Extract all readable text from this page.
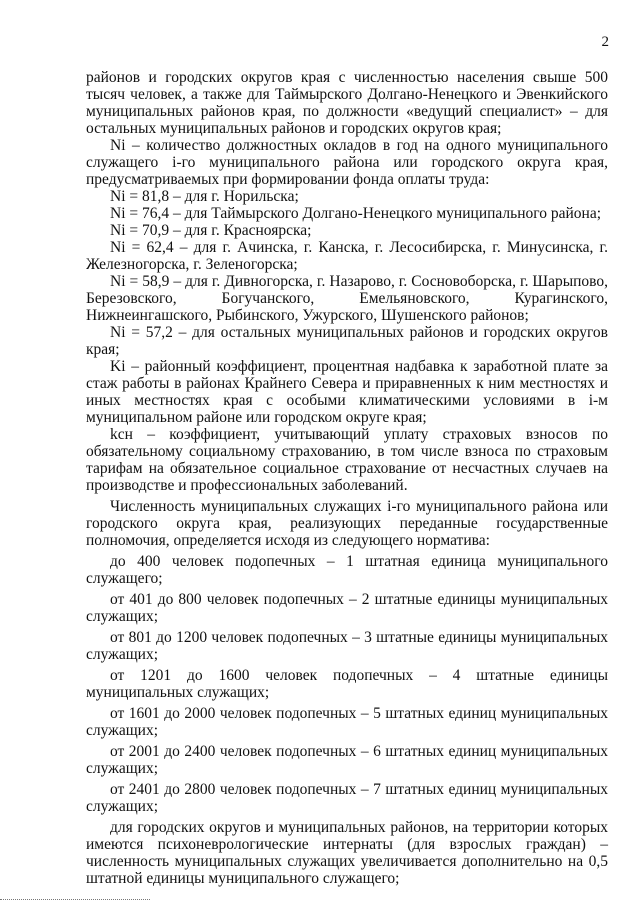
2

районов и городских округов края с численностью населения свыше 500 тысяч человек, а также для Таймырского Долгано-Ненецкого и Эвенкийского муниципальных районов края, по должности «ведущий специалист» – для остальных муниципальных районов и городских округов края;

Ni – количество должностных окладов в год на одного муниципального служащего i-го муниципального района или городского округа края, предусматриваемых при формировании фонда оплаты труда:

Ni = 81,8 – для г. Норильска;

Ni = 76,4 – для Таймырского Долгано-Ненецкого муниципального района;

Ni = 70,9 – для г. Красноярска;

Ni = 62,4 – для г. Ачинска, г. Канска, г. Лесосибирска, г. Минусинска, г. Железногорска, г. Зеленогорска;

Ni = 58,9 – для г. Дивногорска, г. Назарово, г. Сосновоборска, г. Шарыпово, Березовского, Богучанского, Емельяновского, Курагинского, Нижнеингашского, Рыбинского, Ужурского, Шушенского районов;

Ni = 57,2 – для остальных муниципальных районов и городских округов края;

Ki – районный коэффициент, процентная надбавка к заработной плате за стаж работы в районах Крайнего Севера и приравненных к ним местностях и иных местностях края с особыми климатическими условиями в i-м муниципальном районе или городском округе края;

kсн – коэффициент, учитывающий уплату страховых взносов по обязательному социальному страхованию, в том числе взноса по страховым тарифам на обязательное социальное страхование от несчастных случаев на производстве и профессиональных заболеваний.

Численность муниципальных служащих i-го муниципального района или городского округа края, реализующих переданные государственные полномочия, определяется исходя из следующего норматива:

до 400 человек подопечных – 1 штатная единица муниципального служащего;

от 401 до 800 человек подопечных – 2 штатные единицы муниципальных служащих;

от 801 до 1200 человек подопечных – 3 штатные единицы муниципальных служащих;

от 1201 до 1600 человек подопечных – 4 штатные единицы муниципальных служащих;

от 1601 до 2000 человек подопечных – 5 штатных единиц муниципальных служащих;

от 2001 до 2400 человек подопечных – 6 штатных единиц муниципальных служащих;

от 2401 до 2800 человек подопечных – 7 штатных единиц муниципальных служащих;

для городских округов и муниципальных районов, на территории которых имеются психоневрологические интернаты (для взрослых граждан) – численность муниципальных служащих увеличивается дополнительно на 0,5 штатной единицы муниципального служащего;
